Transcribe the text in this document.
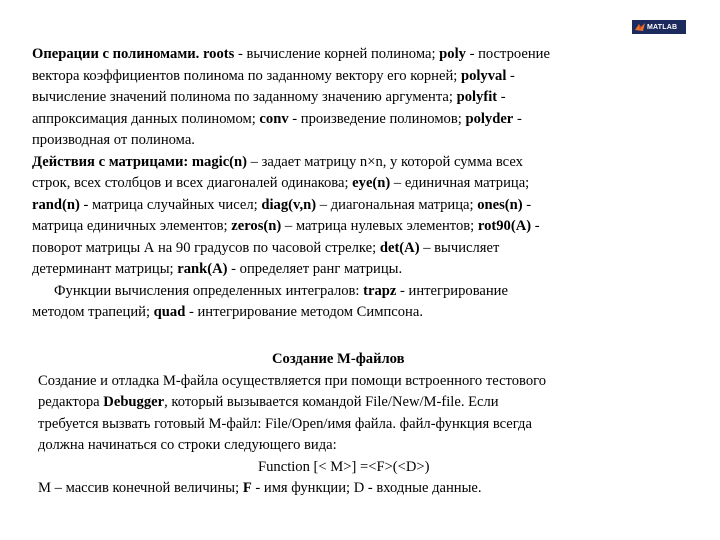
MATLAB
Операции с полиномами. roots - вычисление корней полинома; poly - построение
вектора коэффициентов полинома по заданному вектору его корней; polyval -
вычисление значений полинома по заданному значению аргумента; polyfit -
аппроксимация данных полиномом; conv - произведение полиномов; polyder -
производная от полинома.
Действия с матрицами: magic(n) – задает матрицу n×n, у которой сумма всех
строк, всех столбцов и всех диагоналей одинакова; eye(n) – единичная матрица;
rand(n) - матрица случайных чисел; diag(v,n) – диагональная матрица; ones(n) -
матрица единичных элементов; zeros(n) – матрица нулевых элементов; rot90(A) -
поворот матрицы А на 90 градусов по часовой стрелке; det(A) – вычисляет
детерминант матрицы; rank(A) - определяет ранг матрицы.
Функции вычисления определенных интегралов: trapz - интегрирование
методом трапеций; quad - интегрирование методом Симпсона.
Создание М-файлов
Создание и отладка М-файла осуществляется при помощи встроенного тестового
редактора Debugger, который вызывается командой File/New/M-file. Если
требуется вызвать готовый М-файл: File/Open/имя файла. файл-функция всегда
должна начинаться со строки следующего вида:
Function [< M>] =<F>(<D>)
M – массив конечной величины; F - имя функции; D - входные данные.
